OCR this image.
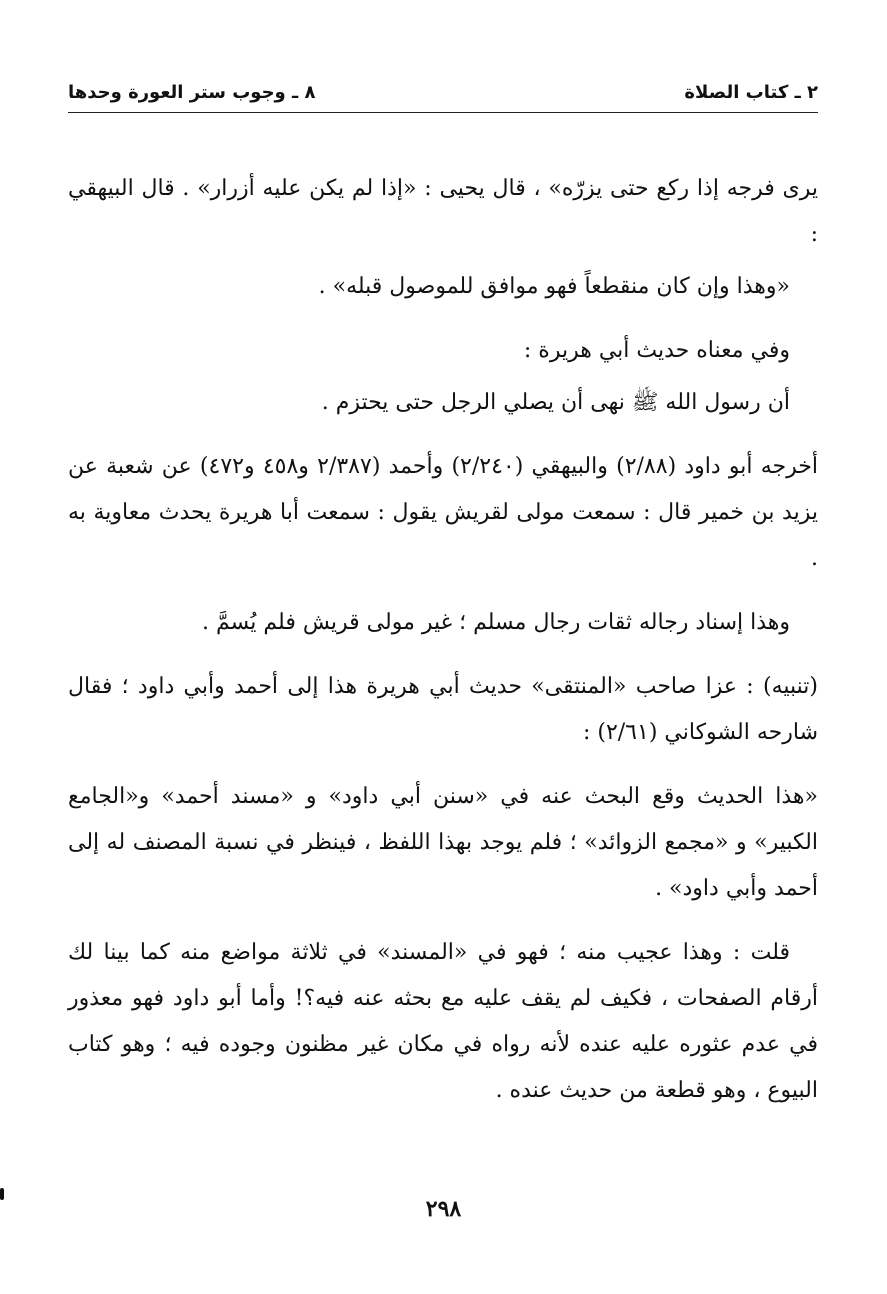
٢ ـ كتاب الصلاة
٨ ـ وجوب ستر العورة وحدها

يرى فرجه إذا ركع حتى يزرّه» ، قال يحيى : «إذا لم يكن عليه أزرار» . قال البيهقي :

«وهذا وإن كان منقطعاً فهو موافق للموصول قبله» .

وفي معناه حديث أبي هريرة :

أن رسول الله ﷺ نهى أن يصلي الرجل حتى يحتزم .

أخرجه أبو داود (٢/٨٨) والبيهقي (٢/٢٤٠) وأحمد (٢/٣٨٧ و٤٥٨ و٤٧٢) عن شعبة عن يزيد بن خمير قال : سمعت مولى لقريش يقول : سمعت أبا هريرة يحدث معاوية به .

وهذا إسناد رجاله ثقات رجال مسلم ؛ غير مولى قريش فلم يُسمَّ .

(تنبيه) : عزا صاحب «المنتقى» حديث أبي هريرة هذا إلى أحمد وأبي داود ؛ فقال شارحه الشوكاني (٢/٦١) :

«هذا الحديث وقع البحث عنه في «سنن أبي داود» و «مسند أحمد» و«الجامع الكبير» و «مجمع الزوائد» ؛ فلم يوجد بهذا اللفظ ، فينظر في نسبة المصنف له إلى أحمد وأبي داود» .

قلت : وهذا عجيب منه ؛ فهو في «المسند» في ثلاثة مواضع منه كما بينا لك أرقام الصفحات ، فكيف لم يقف عليه مع بحثه عنه فيه؟! وأما أبو داود فهو معذور في عدم عثوره عليه عنده لأنه رواه في مكان غير مظنون وجوده فيه ؛ وهو كتاب البيوع ، وهو قطعة من حديث عنده .

٢٩٨
